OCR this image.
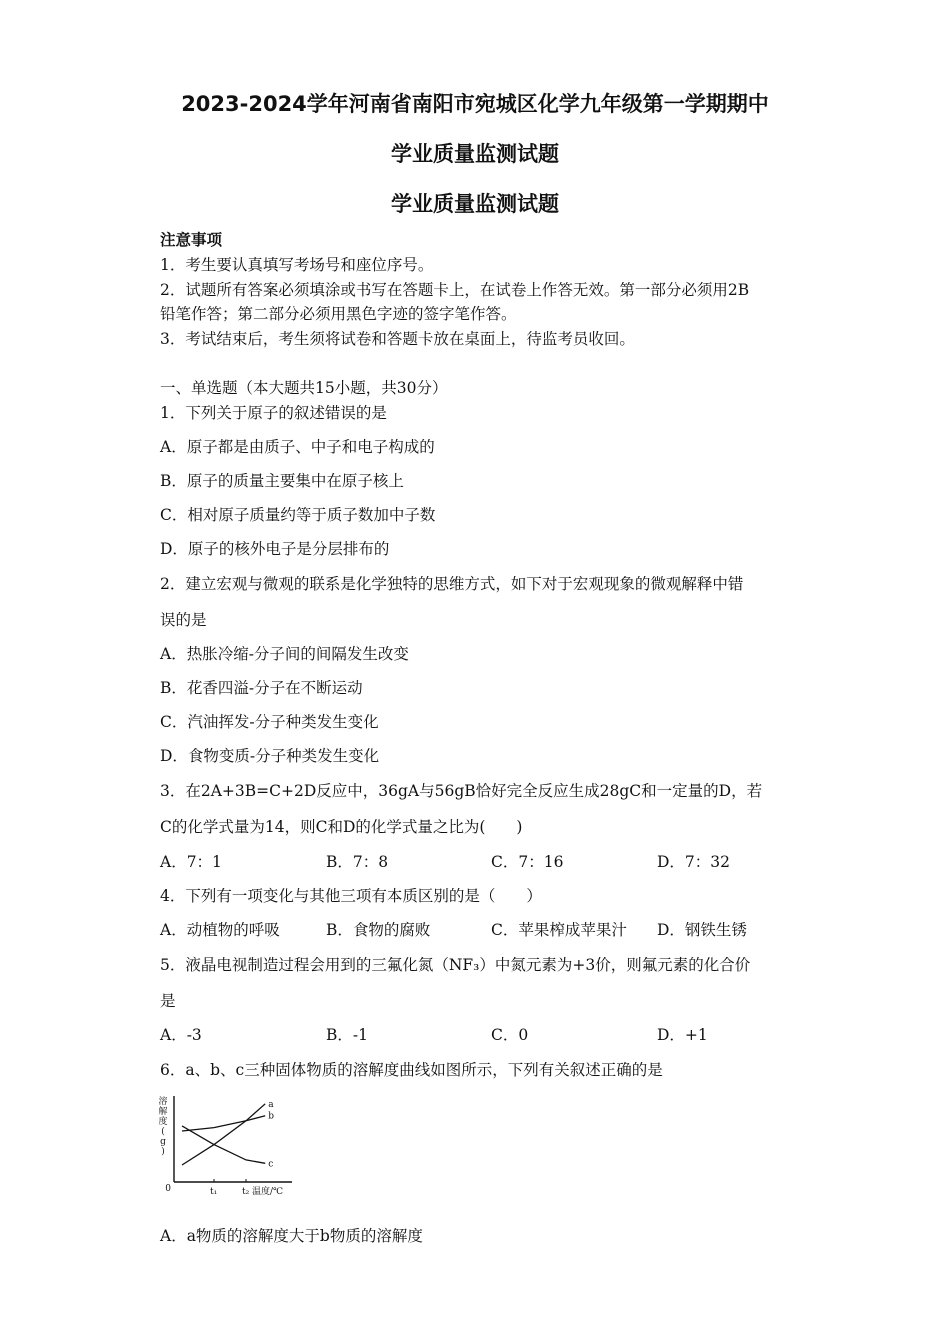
2023-2024学年河南省南阳市宛城区化学九年级第一学期期中
学业质量监测试题
学业质量监测试题
注意事项
1．考生要认真填写考场号和座位序号。
2．试题所有答案必须填涂或书写在答题卡上，在试卷上作答无效。第一部分必须用2B
铅笔作答；第二部分必须用黑色字迹的签字笔作答。
3．考试结束后，考生须将试卷和答题卡放在桌面上，待监考员收回。
一、单选题（本大题共15小题，共30分）
1．下列关于原子的叙述错误的是
A．原子都是由质子、中子和电子构成的
B．原子的质量主要集中在原子核上
C．相对原子质量约等于质子数加中子数
D．原子的核外电子是分层排布的
2．建立宏观与微观的联系是化学独特的思维方式，如下对于宏观现象的微观解释中错
误的是
A．热胀冷缩-分子间的间隔发生改变
B．花香四溢-分子在不断运动
C．汽油挥发-分子种类发生变化
D．食物变质-分子种类发生变化
3．在2A+3B=C+2D反应中，36gA与56gB恰好完全反应生成28gC和一定量的D，若
C的化学式量为14，则C和D的化学式量之比为(　　)
A．7：1	B．7：8	C．7：16	D．7：32
4．下列有一项变化与其他三项有本质区别的是（　　）
A．动植物的呼吸	B．食物的腐败	C．苹果榨成苹果汁 D．钢铁生锈
5．液晶电视制造过程会用到的三氟化氮（NF₃）中氮元素为+3价，则氟元素的化合价
是
A．-3	B．-1	C．0	D．+1
6．a、b、c三种固体物质的溶解度曲线如图所示，下列有关叙述正确的是
溶解度( g )
温度/℃
0	t₁	t₂
a
b
c
A．a物质的溶解度大于b物质的溶解度
